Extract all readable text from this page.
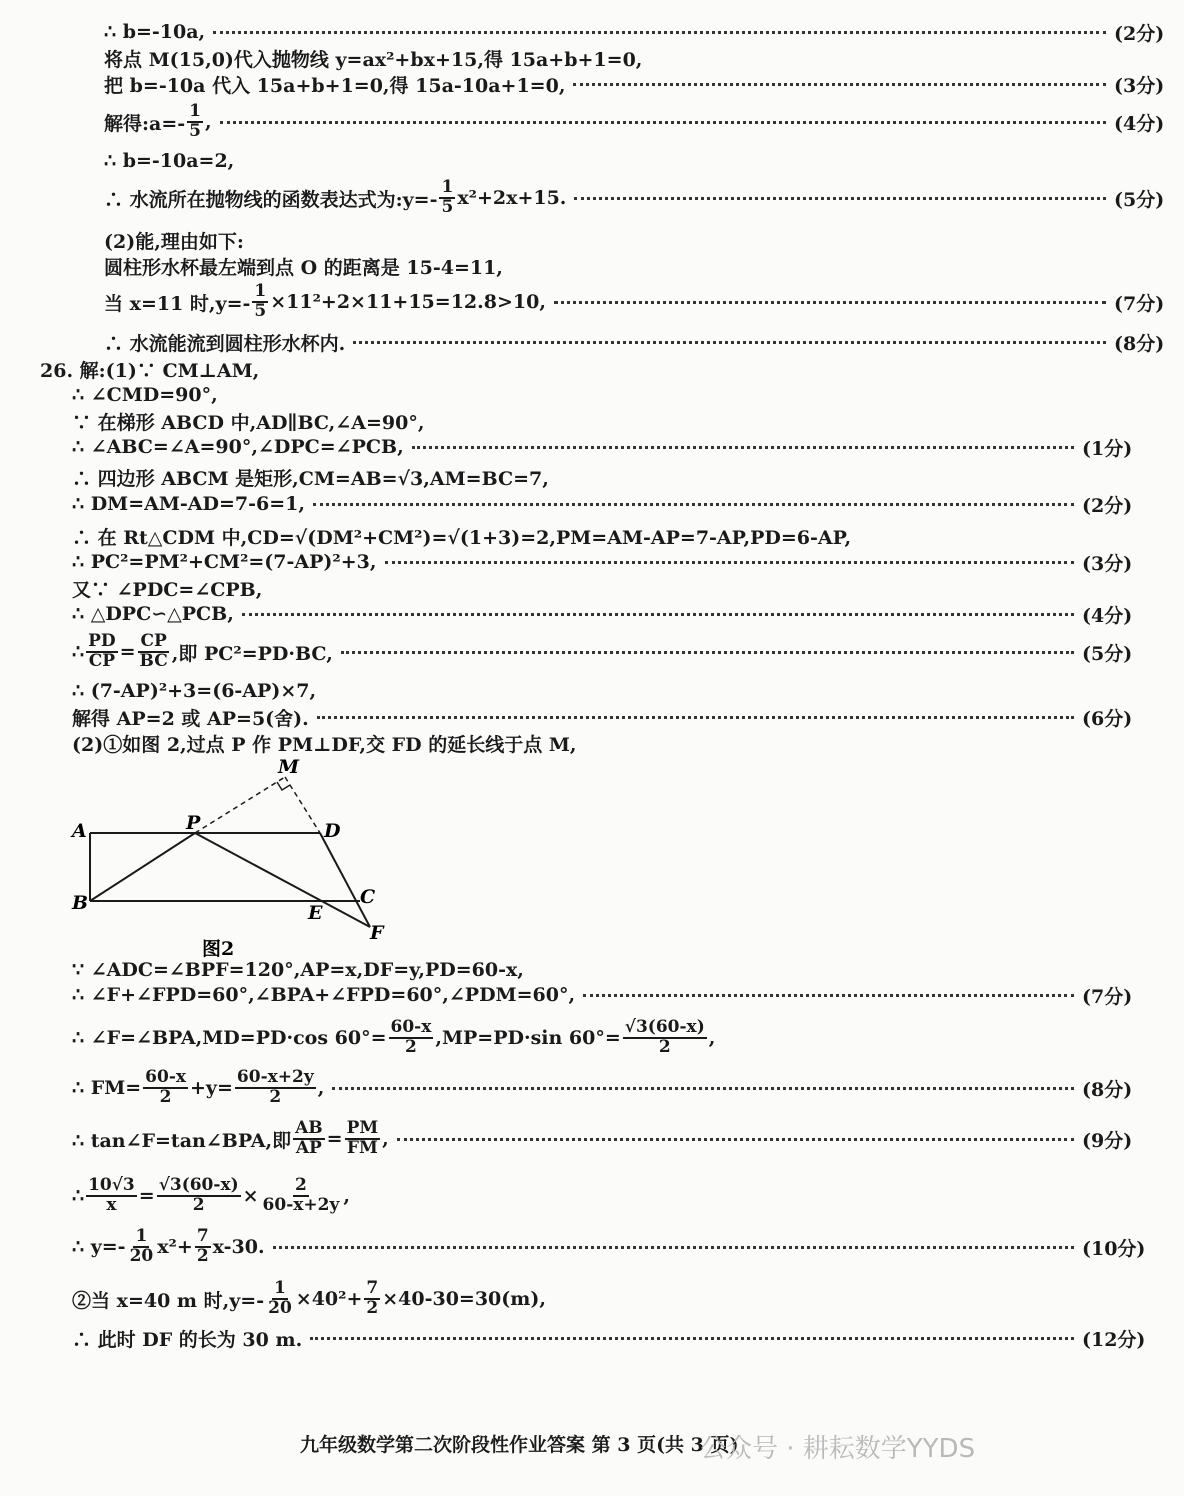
∴ b=-10a,	(2分)
将点 M(15,0)代入抛物线 y=ax²+bx+15,得 15a+b+1=0,
把 b=-10a 代入 15a+b+1=0,得 15a-10a+1=0,	(3分)
解得:a=- $\frac{1}{5}$ ,	(4分)
∴ b=-10a=2,
∴ 水流所在抛物线的函数表达式为:y=- $\frac{1}{5} x^2+2x+15$.	(5分)
(2)能,理由如下:
圆柱形水杯最左端到点 O 的距离是 15-4=11,
当 x=11 时$,y=- \frac{1}{5} \times 11^2+2\times 11+15=12.8>10$,	(7分)
∴ 水流能流到圆柱形水杯内.	(8分)
26. 解:(1)∵ CM⊥AM,
∴ ∠CMD=90°,
∵ 在梯形 ABCD 中,AD∥BC,∠A=90°,
∴ ∠ABC=∠A=90°,∠DPC=∠PCB,	(1分)
∴ 四边形 ABCM 是矩形,CM=AB=√3,AM=BC=7,
∴ DM=AM-AD=7-6=1,	(2分)
∴ 在 Rt△CDM 中,CD=√(DM²+CM²)=√(1+3)=2,PM=AM-AP=7-AP,PD=6-AP,
∴ PC²=PM²+CM²=(7-AP)²+3,	(3分)
又∵ ∠PDC=∠CPB,
∴ △DPC∽△PCB,	(4分)
∴ $\frac{PD}{CP} = \frac{CP}{BC}$ ,即 PC²=PD·BC,	(5分)
∴ (7-AP)²+3=(6-AP)×7,
解得 AP=2 或 AP=5(舍).	(6分)
(2)①如图 2,过点 P 作 PM⊥DF,交 FD 的延长线于点 M,
A
B	C
D
E
F
M
P
图2
∵ ∠ADC=∠BPF=120°,AP=x,DF=y,PD=60-x,
∴ ∠F+∠FPD=60°,∠BPA+∠FPD=60°,∠PDM=60°,	(7分)
∴ ∠F=∠BPA,MD=PD·cos $60^\circ= \frac{60-x}{2} ,MP=PD\cdot\sin$ $60^\circ= \frac{√3(60-x)}{2}$ ,
∴ $FM= \frac{60-x}{2} +y= \frac{60-x+2y}{2}$ ,	(8分)
∴ tan∠F=tan∠BPA,即 $\frac{AB}{AP} = \frac{PM}{FM}$ ,	(9分)
∴ $\frac{10√3}{x} = \frac{√3(60-x)}{2} \times \frac{2}{60-x+2y}$ ,
∴ $y=- \frac{1}{20} x^2+ \frac{7}{2} x-30$.	(10分)
②当 x=40 m 时$,y=- \frac{1}{20} \times 40^2+ \frac{7}{2} \times 40-30=30(m)$,
∴ 此时 DF 的长为 30 m.	(12分)
九年级数学第二次阶段性作业答案 第 3 页(共 3 页)
公众号 · 耕耘数学YYDS
